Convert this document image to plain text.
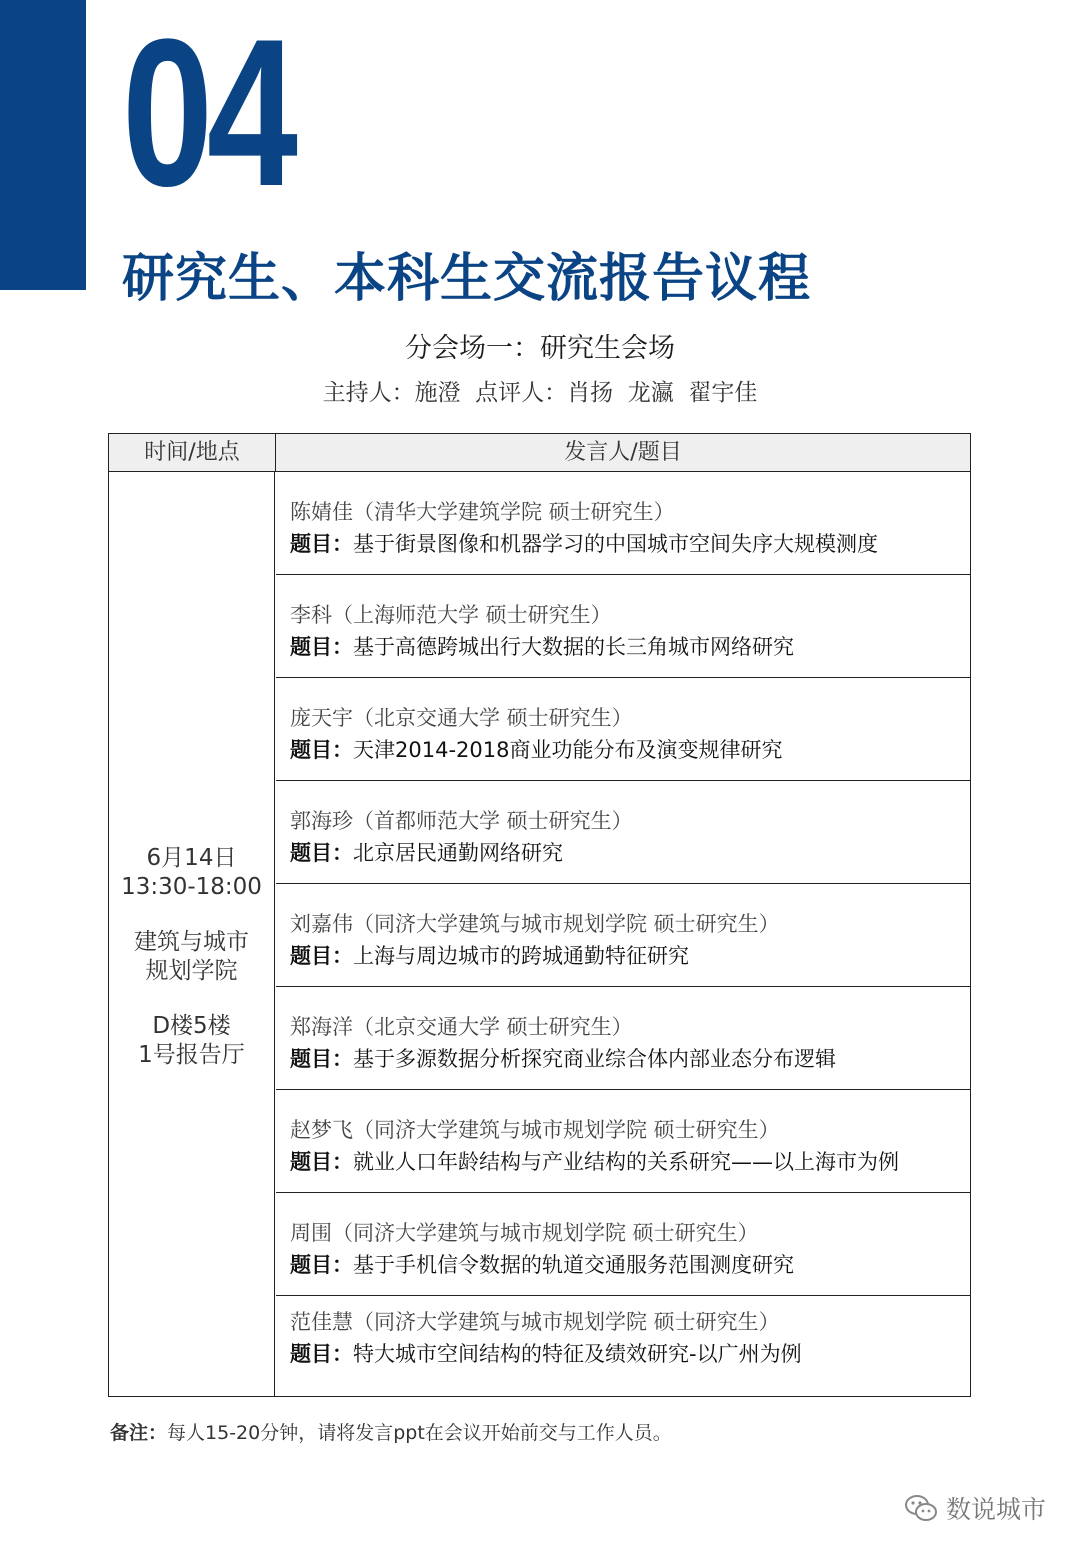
04
研究生、本科生交流报告议程
分会场一：研究生会场
主持人：施澄  点评人：肖扬  龙瀛  翟宇佳
时间/地点	发言人/题目
6月14日
13:30-18:00
建筑与城市
规划学院
D楼5楼
1号报告厅
陈婧佳（清华大学建筑学院 硕士研究生）
题目：基于街景图像和机器学习的中国城市空间失序大规模测度
李科（上海师范大学 硕士研究生）
题目：基于高德跨城出行大数据的长三角城市网络研究
庞天宇（北京交通大学 硕士研究生）
题目：天津2014-2018商业功能分布及演变规律研究
郭海珍（首都师范大学 硕士研究生）
题目：北京居民通勤网络研究
刘嘉伟（同济大学建筑与城市规划学院 硕士研究生）
题目：上海与周边城市的跨城通勤特征研究
郑海洋（北京交通大学 硕士研究生）
题目：基于多源数据分析探究商业综合体内部业态分布逻辑
赵梦飞（同济大学建筑与城市规划学院 硕士研究生）
题目：就业人口年龄结构与产业结构的关系研究——以上海市为例
周围（同济大学建筑与城市规划学院 硕士研究生）
题目：基于手机信令数据的轨道交通服务范围测度研究
范佳慧（同济大学建筑与城市规划学院 硕士研究生）
题目：特大城市空间结构的特征及绩效研究-以广州为例
备注：每人15-20分钟，请将发言ppt在会议开始前交与工作人员。
数说城市
